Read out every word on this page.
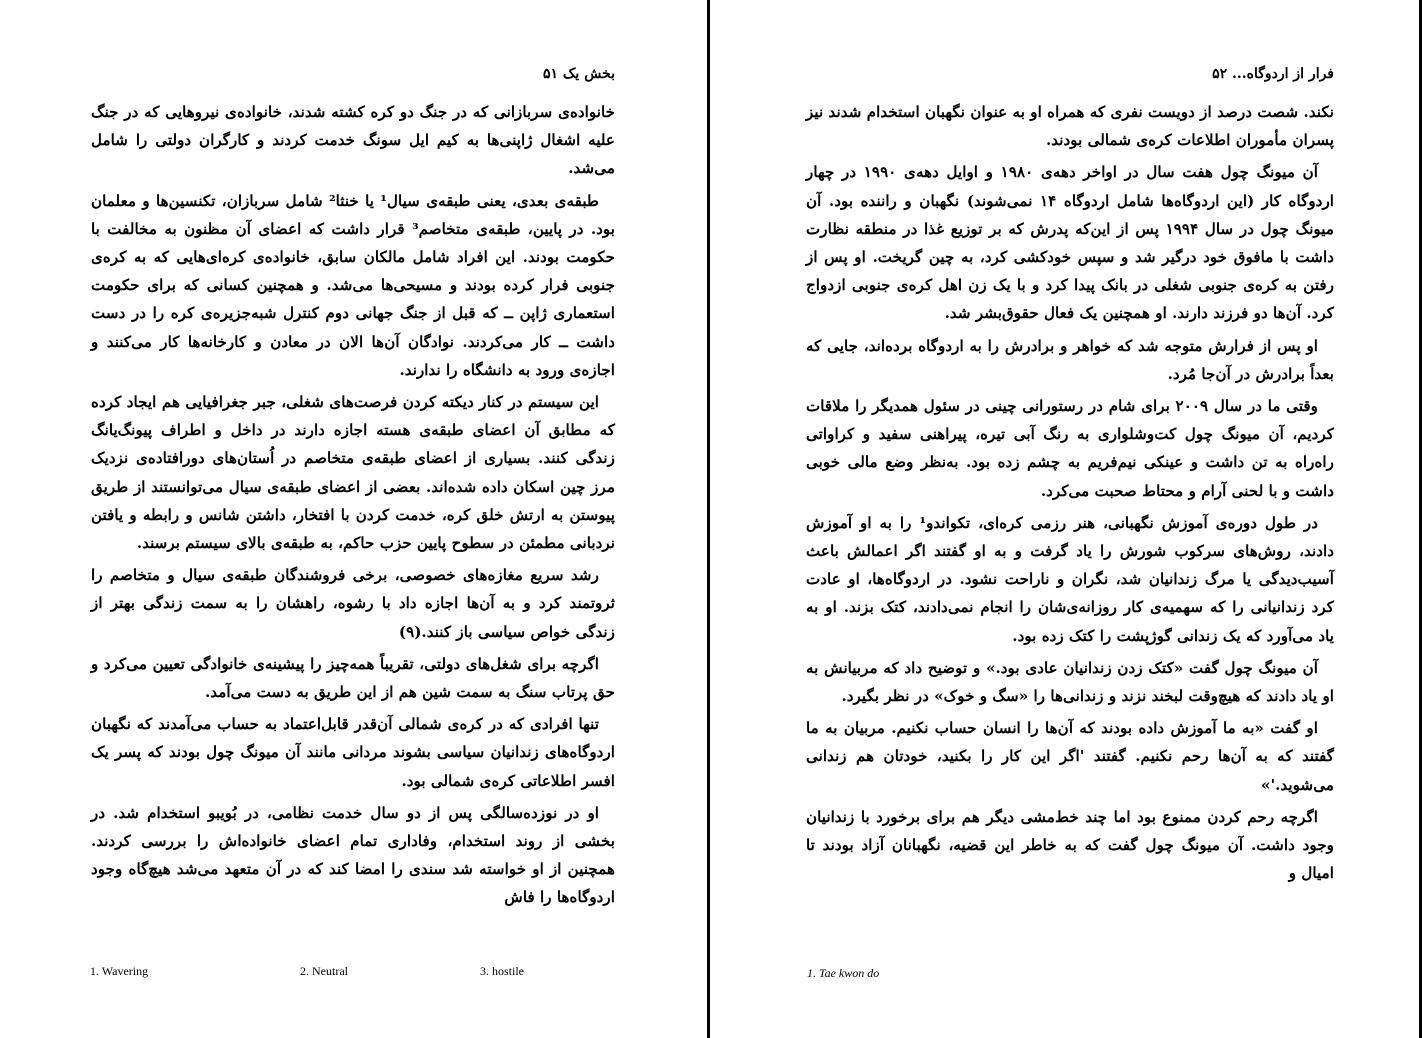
بخش یک ۵۱

خانواده‌ی سربازانی که در جنگ دو کره کشته شدند، خانواده‌ی نیروهایی که در جنگ علیه اشغال ژاپنی‌ها به کیم ایل سونگ خدمت کردند و کارگران دولتی را شامل می‌شد.

طبقه‌ی بعدی، یعنی طبقه‌ی سیال¹ یا خنثا² شامل سربازان، تکنسین‌ها و معلمان بود. در پایین، طبقه‌ی متخاصم³ قرار داشت که اعضای آن مظنون به مخالفت با حکومت بودند. این افراد شامل مالکان سابق، خانواده‌ی کره‌ای‌هایی که به کره‌ی جنوبی فرار کرده بودند و مسیحی‌ها می‌شد. و همچنین کسانی که برای حکومت استعماری ژاپن ــ که قبل از جنگ جهانی دوم کنترل شبه‌جزیره‌ی کره را در دست داشت ــ کار می‌کردند. نوادگان آن‌ها الان در معادن و کارخانه‌ها کار می‌کنند و اجازه‌ی ورود به دانشگاه را ندارند.

این سیستم در کنار دیکته کردن فرصت‌های شغلی، جبر جغرافیایی هم ایجاد کرده که مطابق آن اعضای طبقه‌ی هسته اجازه دارند در داخل و اطراف پیونگ‌یانگ زندگی کنند. بسیاری از اعضای طبقه‌ی متخاصم در اُستان‌های دورافتاده‌ی نزدیک مرز چین اسکان داده شده‌اند. بعضی از اعضای طبقه‌ی سیال می‌توانستند از طریق پیوستن به ارتش خلق کره، خدمت کردن با افتخار، داشتن شانس و رابطه و یافتن نردبانی مطمئن در سطوح پایین حزب حاکم، به طبقه‌ی بالای سیستم برسند.

رشد سریع مغازه‌های خصوصی، برخی فروشندگان طبقه‌ی سیال و متخاصم را ثروتمند کرد و به آن‌ها اجازه داد با رشوه، راهشان را به سمت زندگی بهتر از زندگی خواص سیاسی باز کنند.(۹)

اگرچه برای شغل‌های دولتی، تقریباً همه‌چیز را پیشینه‌ی خانوادگی تعیین می‌کرد و حق پرتاب سنگ به سمت شین هم از این طریق به دست می‌آمد.

تنها افرادی که در کره‌ی شمالی آن‌قدر قابل‌اعتماد به حساب می‌آمدند که نگهبان اردوگاه‌های زندانیان سیاسی بشوند مردانی مانند آن میونگ چول بودند که پسر یک افسر اطلاعاتی کره‌ی شمالی بود.

او در نوزده‌سالگی پس از دو سال خدمت نظامی، در بُویبو استخدام شد. در بخشی از روند استخدام، وفاداری تمام اعضای خانواده‌اش را بررسی کردند. همچنین از او خواسته شد سندی را امضا کند که در آن متعهد می‌شد هیچ‌گاه وجود اردوگاه‌ها را فاش

1. Wavering	2. Neutral	3. hostile
فرار از اردوگاه... ۵۲

نکند. شصت درصد از دویست نفری که همراه او به عنوان نگهبان استخدام شدند نیز پسران مأموران اطلاعات کره‌ی شمالی بودند.

آن میونگ چول هفت سال در اواخر دهه‌ی ۱۹۸۰ و اوایل دهه‌ی ۱۹۹۰ در چهار اردوگاه کار (این اردوگاه‌ها شامل اردوگاه ۱۴ نمی‌شوند) نگهبان و راننده بود. آن میونگ چول در سال ۱۹۹۴ پس از این‌که پدرش که بر توزیع غذا در منطقه نظارت داشت با مافوق خود درگیر شد و سپس خودکشی کرد، به چین گریخت. او پس از رفتن به کره‌ی جنوبی شغلی در بانک پیدا کرد و با یک زن اهل کره‌ی جنوبی ازدواج کرد. آن‌ها دو فرزند دارند. او همچنین یک فعال حقوق‌بشر شد.

او پس از فرارش متوجه شد که خواهر و برادرش را به اردوگاه برده‌اند، جایی که بعداً برادرش در آن‌جا مُرد.

وقتی ما در سال ۲۰۰۹ برای شام در رستورانی چینی در سئول همدیگر را ملاقات کردیم، آن میونگ چول کت‌وشلواری به رنگ آبی تیره، پیراهنی سفید و کراواتی راه‌راه به تن داشت و عینکی نیم‌فریم به چشم زده بود. به‌نظر وضع مالی خوبی داشت و با لحنی آرام و محتاط صحبت می‌کرد.

در طول دوره‌ی آموزش نگهبانی، هنر رزمی کره‌ای، تکواندو¹ را به او آموزش دادند، روش‌های سرکوب شورش را یاد گرفت و به او گفتند اگر اعمالش باعث آسیب‌دیدگی یا مرگ زندانیان شد، نگران و ناراحت نشود. در اردوگاه‌ها، او عادت کرد زندانیانی را که سهمیه‌ی کار روزانه‌ی‌شان را انجام نمی‌دادند، کتک بزند. او به یاد می‌آورد که یک زندانی گوژپشت را کتک زده بود.

آن میونگ چول گفت «کتک زدن زندانیان عادی بود.» و توضیح داد که مربیانش به او یاد دادند که هیچ‌وقت لبخند نزند و زندانی‌ها را «سگ و خوک» در نظر بگیرد.

او گفت «به ما آموزش داده بودند که آن‌ها را انسان حساب نکنیم. مربیان به ما گفتند که به آن‌ها رحم نکنیم. گفتند 'اگر این کار را بکنید، خودتان هم زندانی می‌شوید.'»

اگرچه رحم کردن ممنوع بود اما چند خط‌مشی دیگر هم برای برخورد با زندانیان وجود داشت. آن میونگ چول گفت که به خاطر این قضیه، نگهبانان آزاد بودند تا امیال و

1. Tae kwon do
